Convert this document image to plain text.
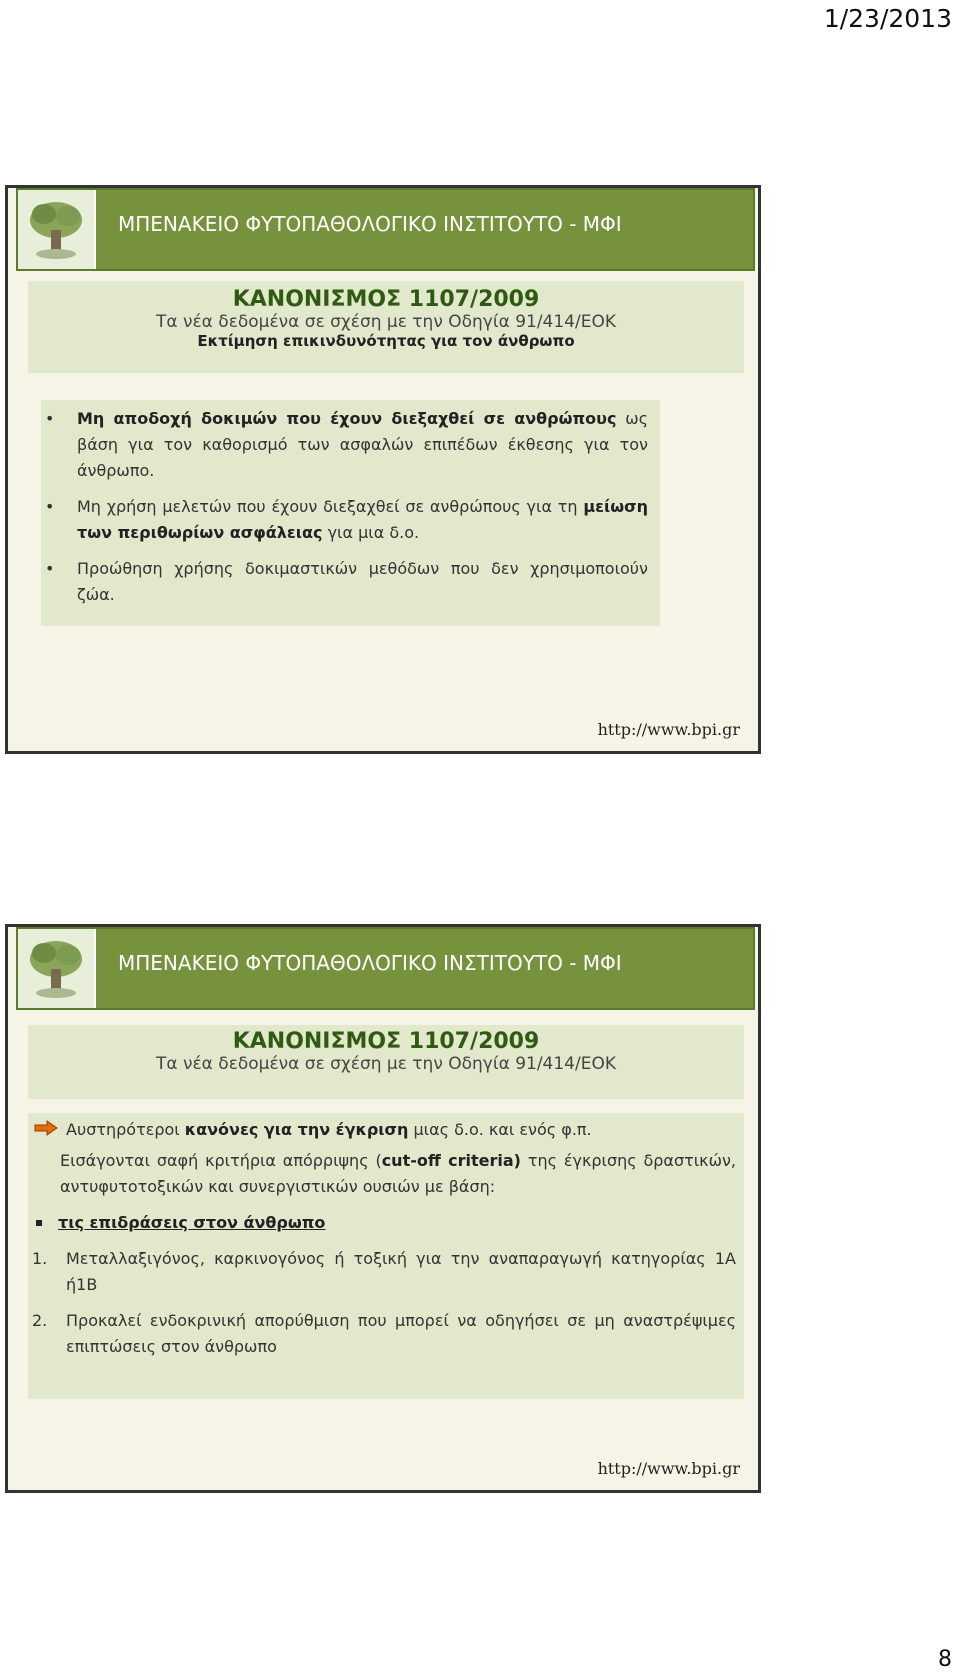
1/23/2013
ΜΠΕΝΑΚΕΙΟ ΦΥΤΟΠΑΘΟΛΟΓΙΚΟ ΙΝΣΤΙΤΟΥΤΟ - ΜΦΙ
ΚΑΝΟΝΙΣΜΟΣ 1107/2009
Τα νέα δεδομένα σε σχέση με την Οδηγία 91/414/ΕΟΚ
Εκτίμηση επικινδυνότητας για τον άνθρωπο
• Μη αποδοχή δοκιμών που έχουν διεξαχθεί σε ανθρώπους ως βάση για τον καθορισμό των ασφαλών επιπέδων έκθεσης για τον άνθρωπο.
• Μη χρήση μελετών που έχουν διεξαχθεί σε ανθρώπους για τη μείωση των περιθωρίων ασφάλειας για μια δ.ο.
• Προώθηση χρήσης δοκιμαστικών μεθόδων που δεν χρησιμοποιούν ζώα.
http://www.bpi.gr
ΜΠΕΝΑΚΕΙΟ ΦΥΤΟΠΑΘΟΛΟΓΙΚΟ ΙΝΣΤΙΤΟΥΤΟ - ΜΦΙ
ΚΑΝΟΝΙΣΜΟΣ 1107/2009
Τα νέα δεδομένα σε σχέση με την Οδηγία 91/414/ΕΟΚ
Αυστηρότεροι κανόνες για την έγκριση μιας δ.ο. και ενός φ.π.
Εισάγονται σαφή κριτήρια απόρριψης (cut-off criteria) της έγκρισης δραστικών, αντυφυτοτοξικών και συνεργιστικών ουσιών με βάση:
τις επιδράσεις στον άνθρωπο
1. Μεταλλαξιγόνος, καρκινογόνος ή τοξική για την αναπαραγωγή κατηγορίας 1Α ή1Β
2. Προκαλεί ενδοκρινική απορύθμιση που μπορεί να οδηγήσει σε μη αναστρέψιμες επιπτώσεις στον άνθρωπο
http://www.bpi.gr
8
